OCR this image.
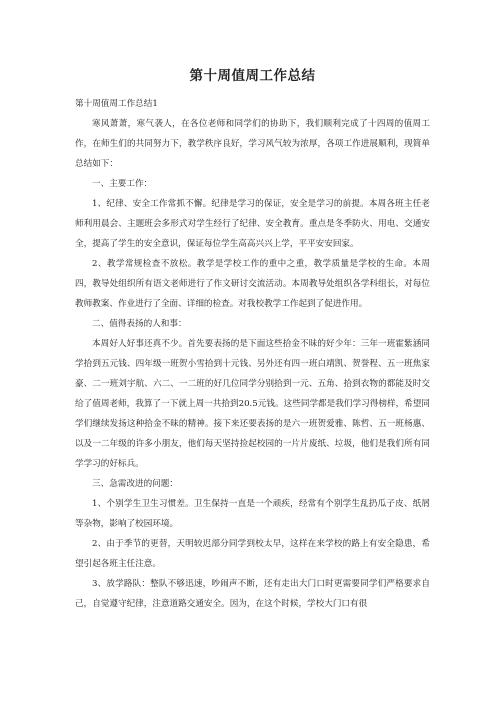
第十周值周工作总结

第十周值周工作总结1

寒风萧萧，寒气袭人，在各位老师和同学们的协助下，我们顺利完成了十四周的值周工作，在师生们的共同努力下，教学秩序良好，学习风气较为浓厚，各项工作进展顺利，现简单总结如下：

一、主要工作：

1、纪律、安全工作常抓不懈。纪律是学习的保证，安全是学习的前提。本周各班主任老师利用晨会、主题班会多形式对学生经行了纪律、安全教育。重点是冬季防火、用电、交通安全，提高了学生的安全意识，保证每位学生高高兴兴上学，平平安安回家。

2、教学常规检查不放松。教学是学校工作的重中之重，教学质量是学校的生命。本周四，教导处组织所有语文老师进行了作文研讨交流活动。本周教导处组织各学科组长，对每位教师教案、作业进行了全面、详细的检查。对我校教学工作起到了促进作用。

二、值得表扬的人和事：

本周好人好事还真不少。首先要表扬的是下面这些拾金不昧的好少年：三年一班霍紫涵同学拾到五元钱、四年级一班贺小雪拾到十元钱、另外还有四一班白靖凯、贺誉程、五一班焦家豪、二一班刘宇航、六二、一二班的好几位同学分别拾到一元、五角、拾到衣物的都能及时交给了值周老师，我算了一下就上周一共拾到20.5元钱。这些同学都是我们学习得榜样，希望同学们继续发扬这种拾金不昧的精神。接下来还要表扬的是六一班贺爱雅、陈哲、五一班杨惠、以及一二年级的许多小朋友，他们每天坚持捡起校园的一片片废纸、垃圾，他们是我们所有同学学习的好标兵。

三、急需改进的问题：

1、个别学生卫生习惯差。卫生保持一直是一个顽疾，经常有个别学生乱扔瓜子皮、纸屑等杂物，影响了校园环境。

2、由于季节的更替，天明较迟部分同学到校太早，这样在来学校的路上有安全隐患，希望引起各班主任注意。

3、放学路队：整队不够迅速，吵闹声不断，还有走出大门口时更需要同学们严格要求自己，自觉遵守纪律，注意道路交通安全。因为，在这个时候，学校大门口有很
